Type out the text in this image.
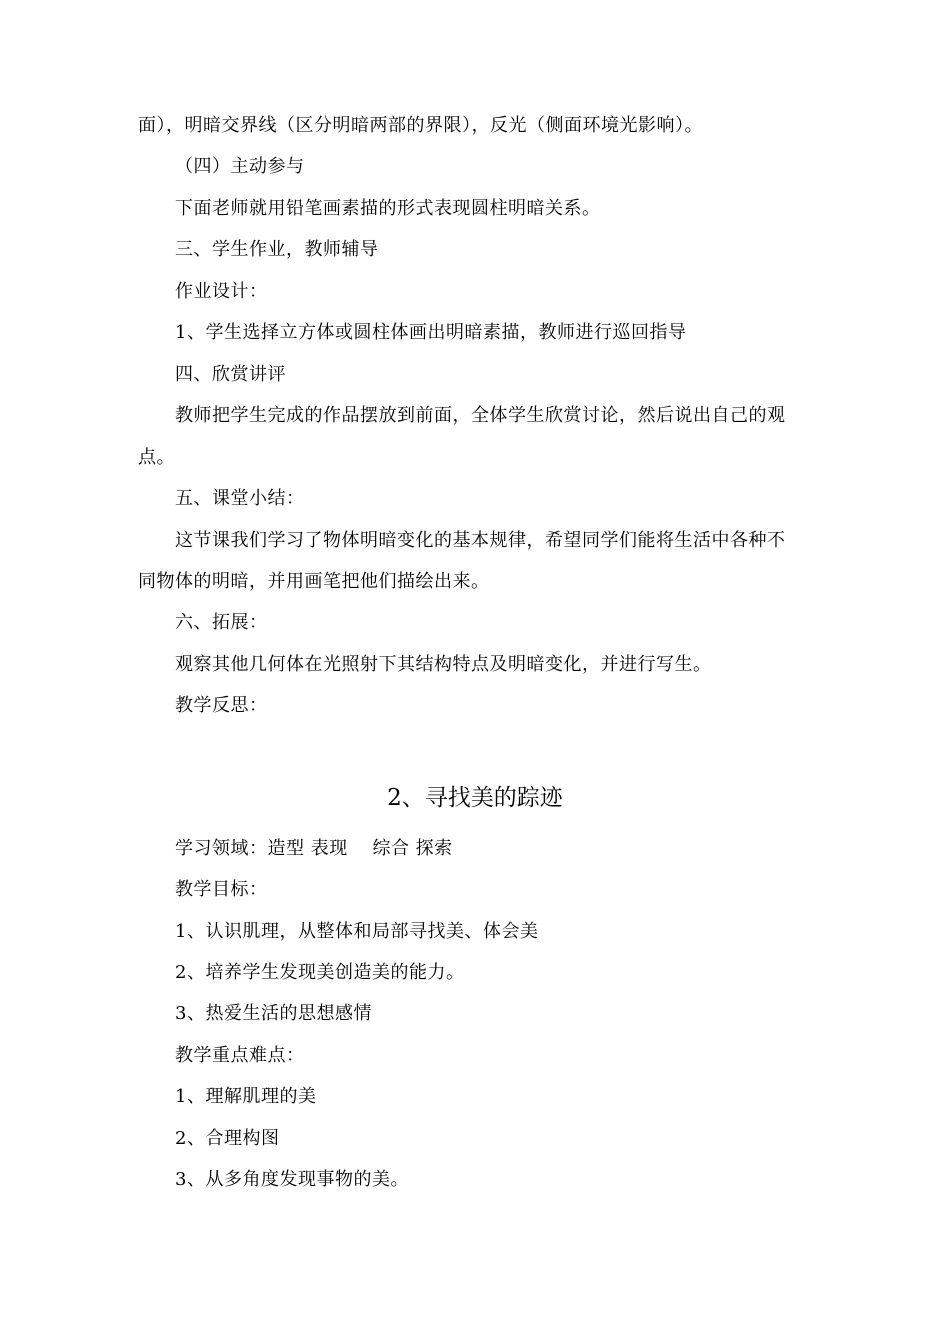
面），明暗交界线（区分明暗两部的界限），反光（侧面环境光影响）。

（四）主动参与

下面老师就用铅笔画素描的形式表现圆柱明暗关系。

三、学生作业，教师辅导

作业设计：

1、学生选择立方体或圆柱体画出明暗素描，教师进行巡回指导

四、欣赏讲评

教师把学生完成的作品摆放到前面，全体学生欣赏讨论，然后说出自己的观

点。

五、课堂小结：

这节课我们学习了物体明暗变化的基本规律，希望同学们能将生活中各种不

同物体的明暗，并用画笔把他们描绘出来。

六、拓展：

观察其他几何体在光照射下其结构特点及明暗变化，并进行写生。

教学反思：

2、寻找美的踪迹

学习领域：造型 表现　 综合 探索

教学目标：

1、认识肌理，从整体和局部寻找美、体会美

2、培养学生发现美创造美的能力。

3、热爱生活的思想感情

教学重点难点：

1、理解肌理的美

2、合理构图

3、从多角度发现事物的美。
